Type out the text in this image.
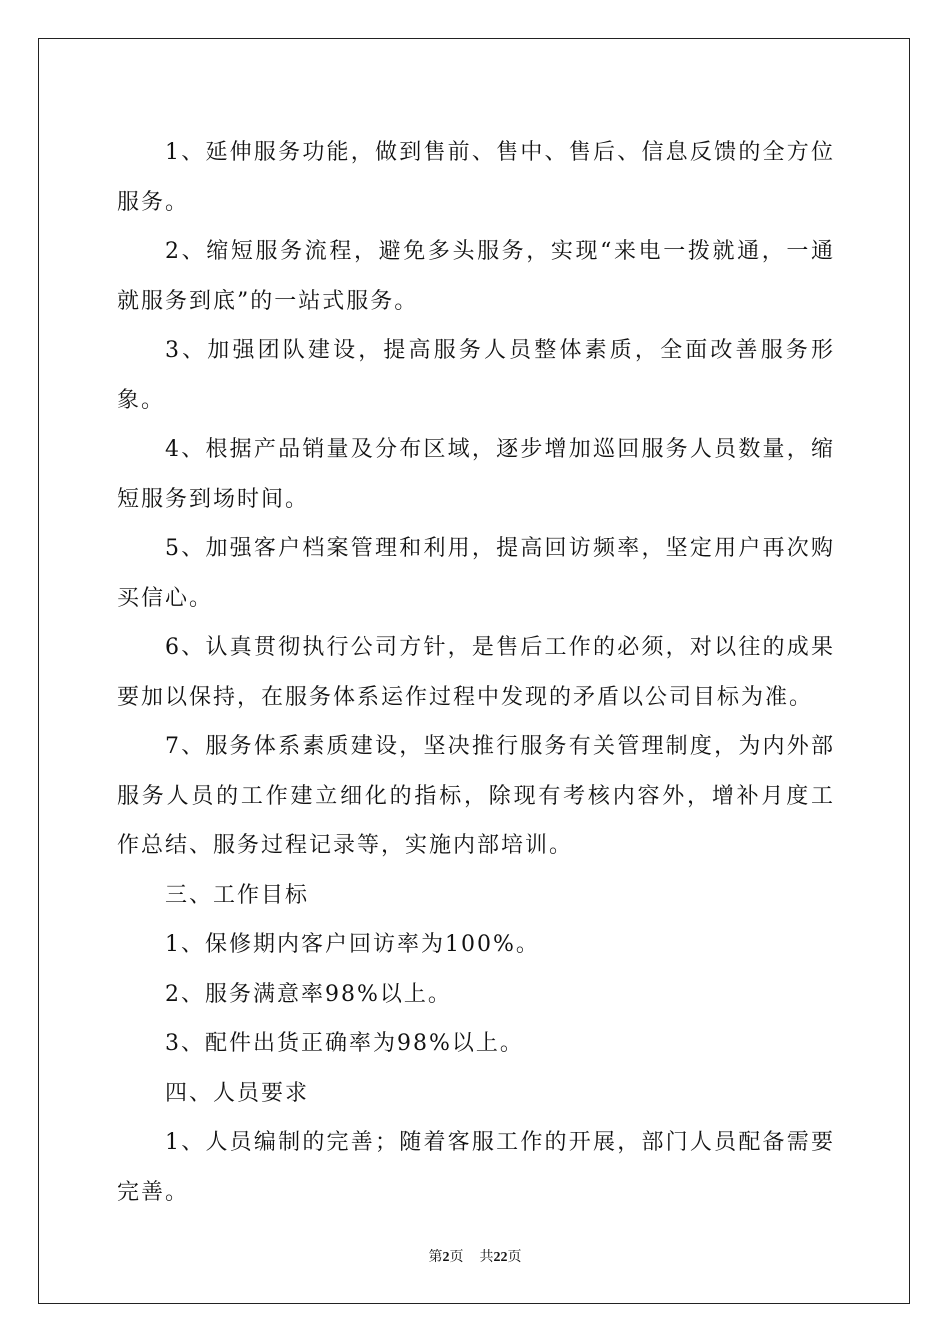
1、延伸服务功能，做到售前、售中、售后、信息反馈的全方位服务。

2、缩短服务流程，避免多头服务，实现“来电一拨就通，一通就服务到底”的一站式服务。

3、加强团队建设，提高服务人员整体素质，全面改善服务形象。

4、根据产品销量及分布区域，逐步增加巡回服务人员数量，缩短服务到场时间。

5、加强客户档案管理和利用，提高回访频率，坚定用户再次购买信心。

6、认真贯彻执行公司方针，是售后工作的必须，对以往的成果要加以保持，在服务体系运作过程中发现的矛盾以公司目标为准。

7、服务体系素质建设，坚决推行服务有关管理制度，为内外部服务人员的工作建立细化的指标，除现有考核内容外，增补月度工作总结、服务过程记录等，实施内部培训。

三、工作目标

1、保修期内客户回访率为100%。

2、服务满意率98%以上。

3、配件出货正确率为98%以上。

四、人员要求

1、人员编制的完善；随着客服工作的开展，部门人员配备需要完善。

第2页 共22页
